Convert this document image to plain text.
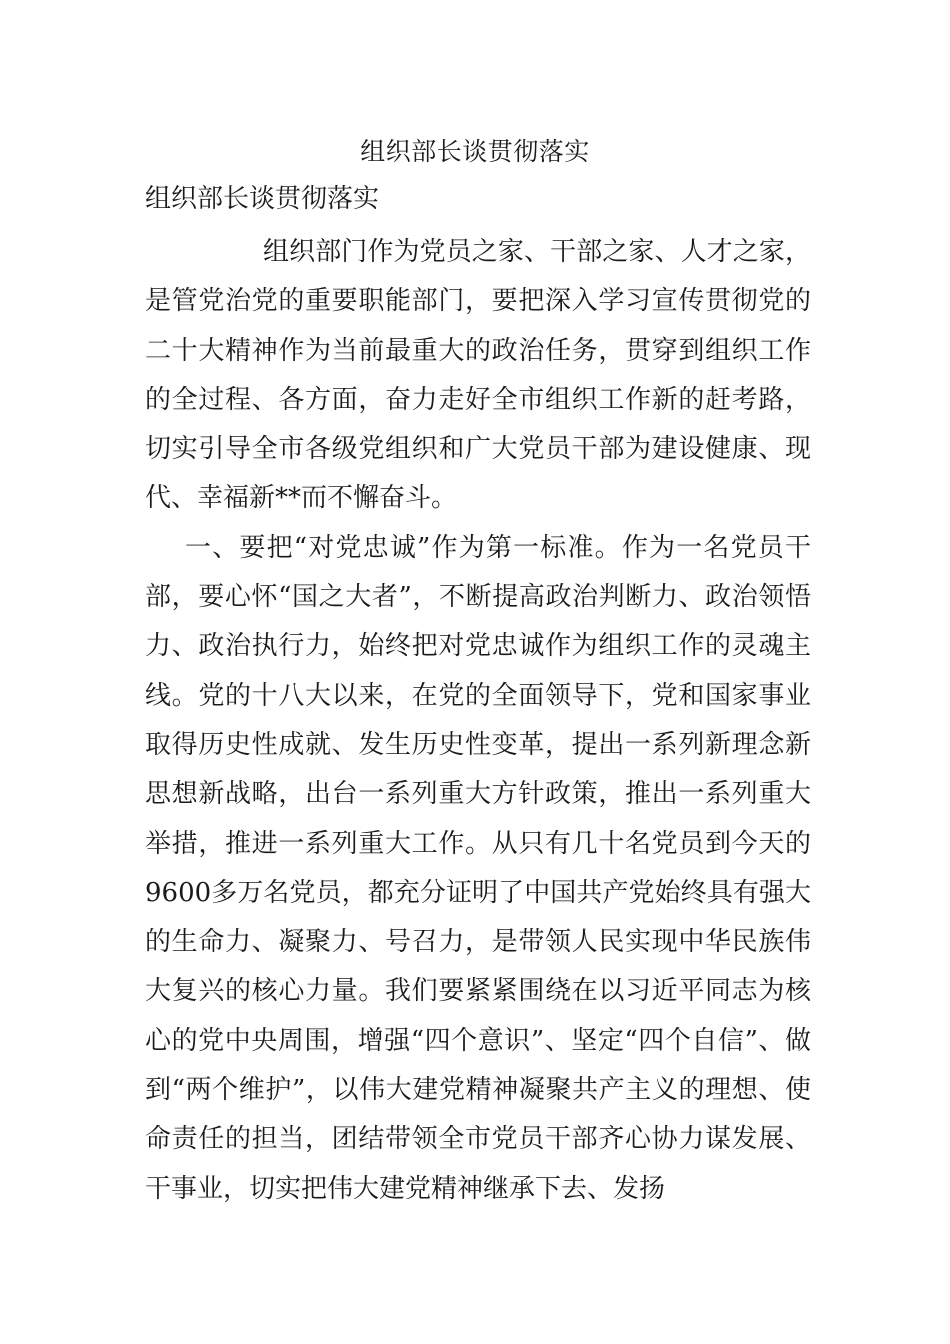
组织部长谈贯彻落实
组织部长谈贯彻落实

组织部门作为党员之家、干部之家、人才之家，是管党治党的重要职能部门，要把深入学习宣传贯彻党的二十大精神作为当前最重大的政治任务，贯穿到组织工作的全过程、各方面，奋力走好全市组织工作新的赶考路，切实引导全市各级党组织和广大党员干部为建设健康、现代、幸福新**而不懈奋斗。

一、要把“对党忠诚”作为第一标准。作为一名党员干部，要心怀“国之大者”，不断提高政治判断力、政治领悟力、政治执行力，始终把对党忠诚作为组织工作的灵魂主线。党的十八大以来，在党的全面领导下，党和国家事业取得历史性成就、发生历史性变革，提出一系列新理念新思想新战略，出台一系列重大方针政策，推出一系列重大举措，推进一系列重大工作。从只有几十名党员到今天的9600多万名党员，都充分证明了中国共产党始终具有强大的生命力、凝聚力、号召力，是带领人民实现中华民族伟大复兴的核心力量。我们要紧紧围绕在以习近平同志为核心的党中央周围，增强“四个意识”、坚定“四个自信”、做到“两个维护”，以伟大建党精神凝聚共产主义的理想、使命责任的担当，团结带领全市党员干部齐心协力谋发展、干事业，切实把伟大建党精神继承下去、发扬
